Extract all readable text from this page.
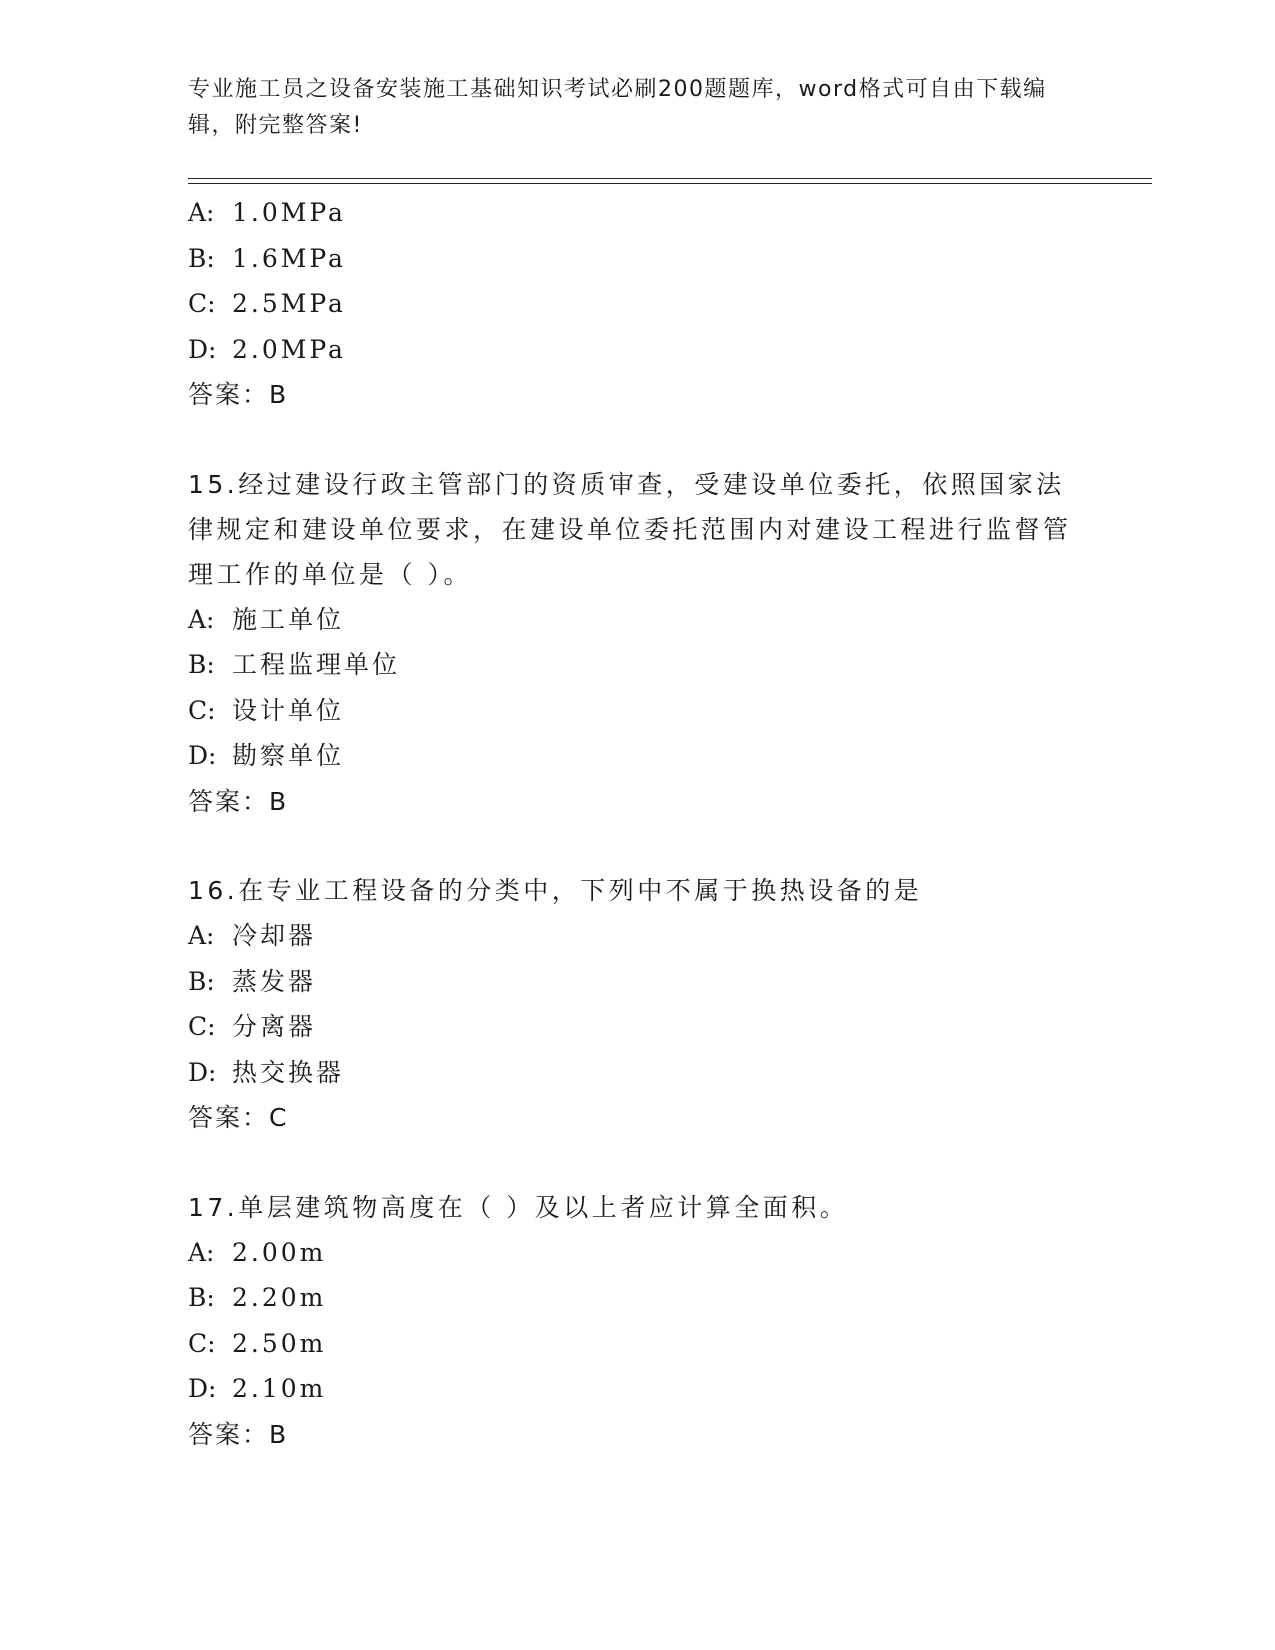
专业施工员之设备安装施工基础知识考试必刷200题题库，word格式可自由下载编辑，附完整答案!

A: 1.0MPa

B: 1.6MPa

C: 2.5MPa

D: 2.0MPa

答案：B

15.经过建设行政主管部门的资质审查，受建设单位委托，依照国家法律规定和建设单位要求，在建设单位委托范围内对建设工程进行监督管理工作的单位是（ ）。

A: 施工单位

B: 工程监理单位

C: 设计单位

D: 勘察单位

答案：B

16.在专业工程设备的分类中，下列中不属于换热设备的是

A: 冷却器

B: 蒸发器

C: 分离器

D: 热交换器

答案：C

17.单层建筑物高度在（ ）及以上者应计算全面积。

A: 2.00m

B: 2.20m

C: 2.50m

D: 2.10m

答案：B
